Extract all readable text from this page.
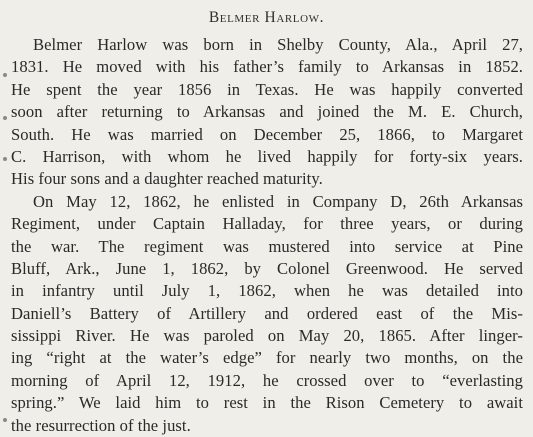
Belmer Harlow.
Belmer Harlow was born in Shelby County, Ala., April 27,
1831. He moved with his father’s family to Arkansas in 1852.
He spent the year 1856 in Texas. He was happily converted
soon after returning to Arkansas and joined the M. E. Church,
South. He was married on December 25, 1866, to Margaret
C. Harrison, with whom he lived happily for forty-six years.
His four sons and a daughter reached maturity.
On May 12, 1862, he enlisted in Company D, 26th Arkansas
Regiment, under Captain Halladay, for three years, or during
the war. The regiment was mustered into service at Pine
Bluff, Ark., June 1, 1862, by Colonel Greenwood. He served
in infantry until July 1, 1862, when he was detailed into
Daniell’s Battery of Artillery and ordered east of the Mis-
sissippi River. He was paroled on May 20, 1865. After linger-
ing “right at the water’s edge” for nearly two months, on the
morning of April 12, 1912, he crossed over to “everlasting
spring.” We laid him to rest in the Rison Cemetery to await
the resurrection of the just.
